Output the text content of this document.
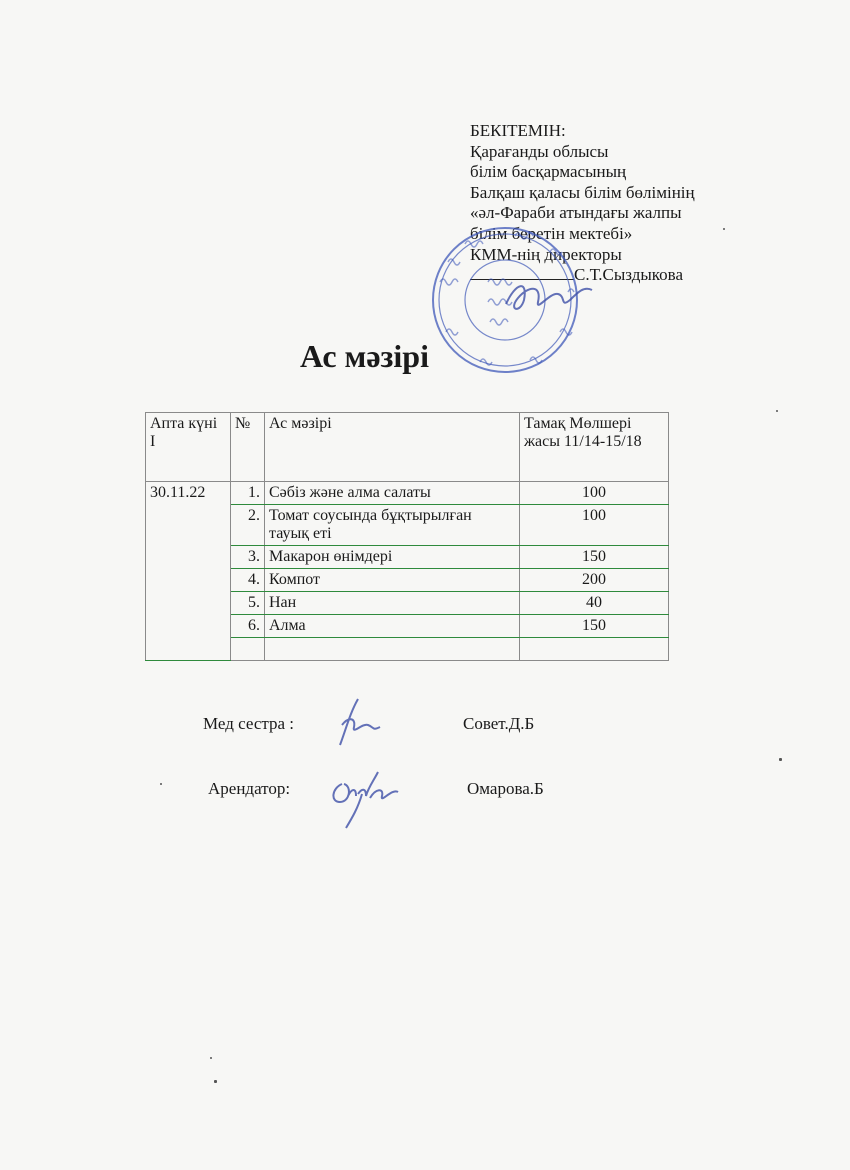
БЕКІТЕМІН:
Қарағанды облысы
білім басқармасының
Балқаш қаласы білім бөлімінің
«әл-Фараби атындағы жалпы
білім беретін мектебі»
КММ-нің директоры
С.Т.Сыздыкова
Ас мәзірі
Апта күні І	№	Ас мәзірі	Тамақ Мөлшері жасы 11/14-15/18
30.11.22	1.	Сәбіз және алма салаты	100
	2.	Томат соусында бұқтырылған тауық еті	100
	3.	Макарон өнімдері	150
	4.	Компот	200
	5.	Нан	40
	6.	Алма	150

Мед сестра :	Совет.Д.Б
Арендатор:	Омарова.Б
